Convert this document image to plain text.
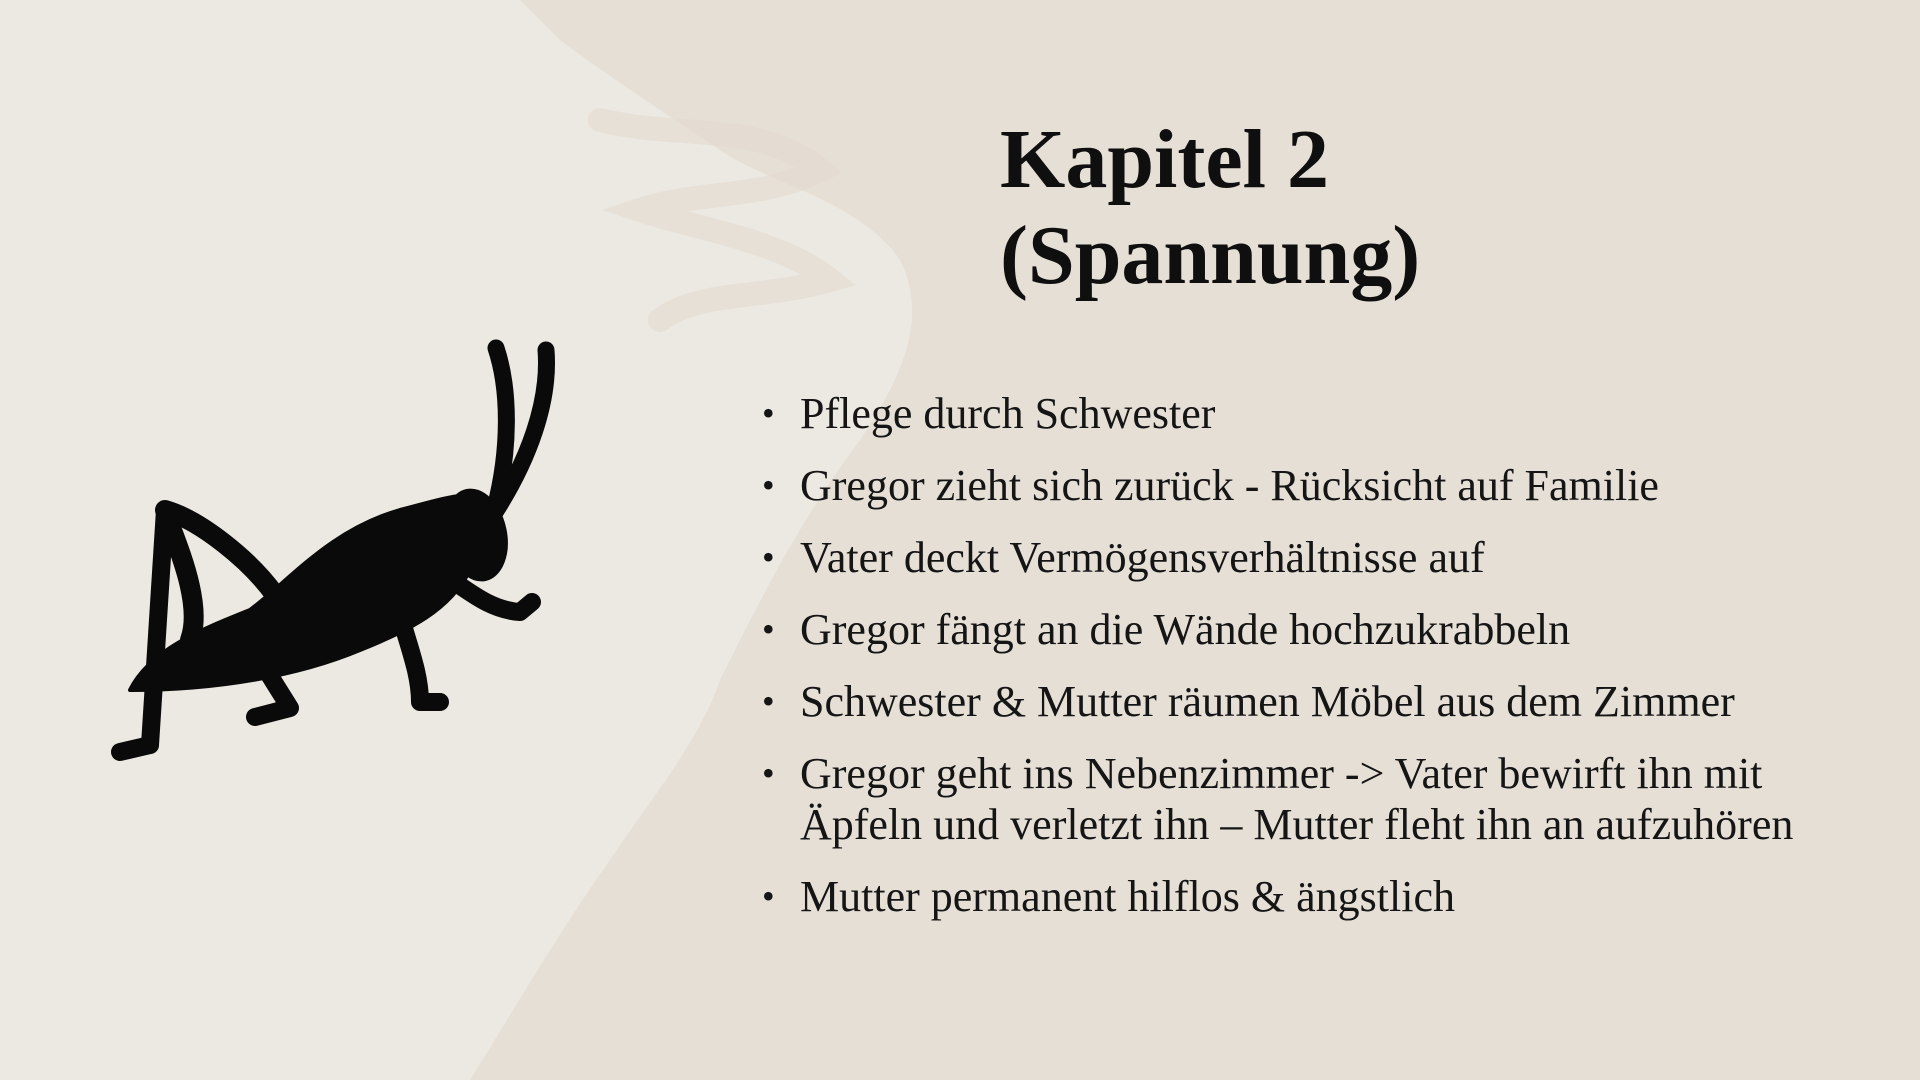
Kapitel 2
(Spannung)
• Pflege durch Schwester
• Gregor zieht sich zurück - Rücksicht auf Familie
• Vater deckt Vermögensverhältnisse auf
• Gregor fängt an die Wände hochzukrabbeln
• Schwester & Mutter räumen Möbel aus dem Zimmer
• Gregor geht ins Nebenzimmer -> Vater bewirft ihn mit Äpfeln und verletzt ihn – Mutter fleht ihn an aufzuhören
• Mutter permanent hilflos & ängstlich
